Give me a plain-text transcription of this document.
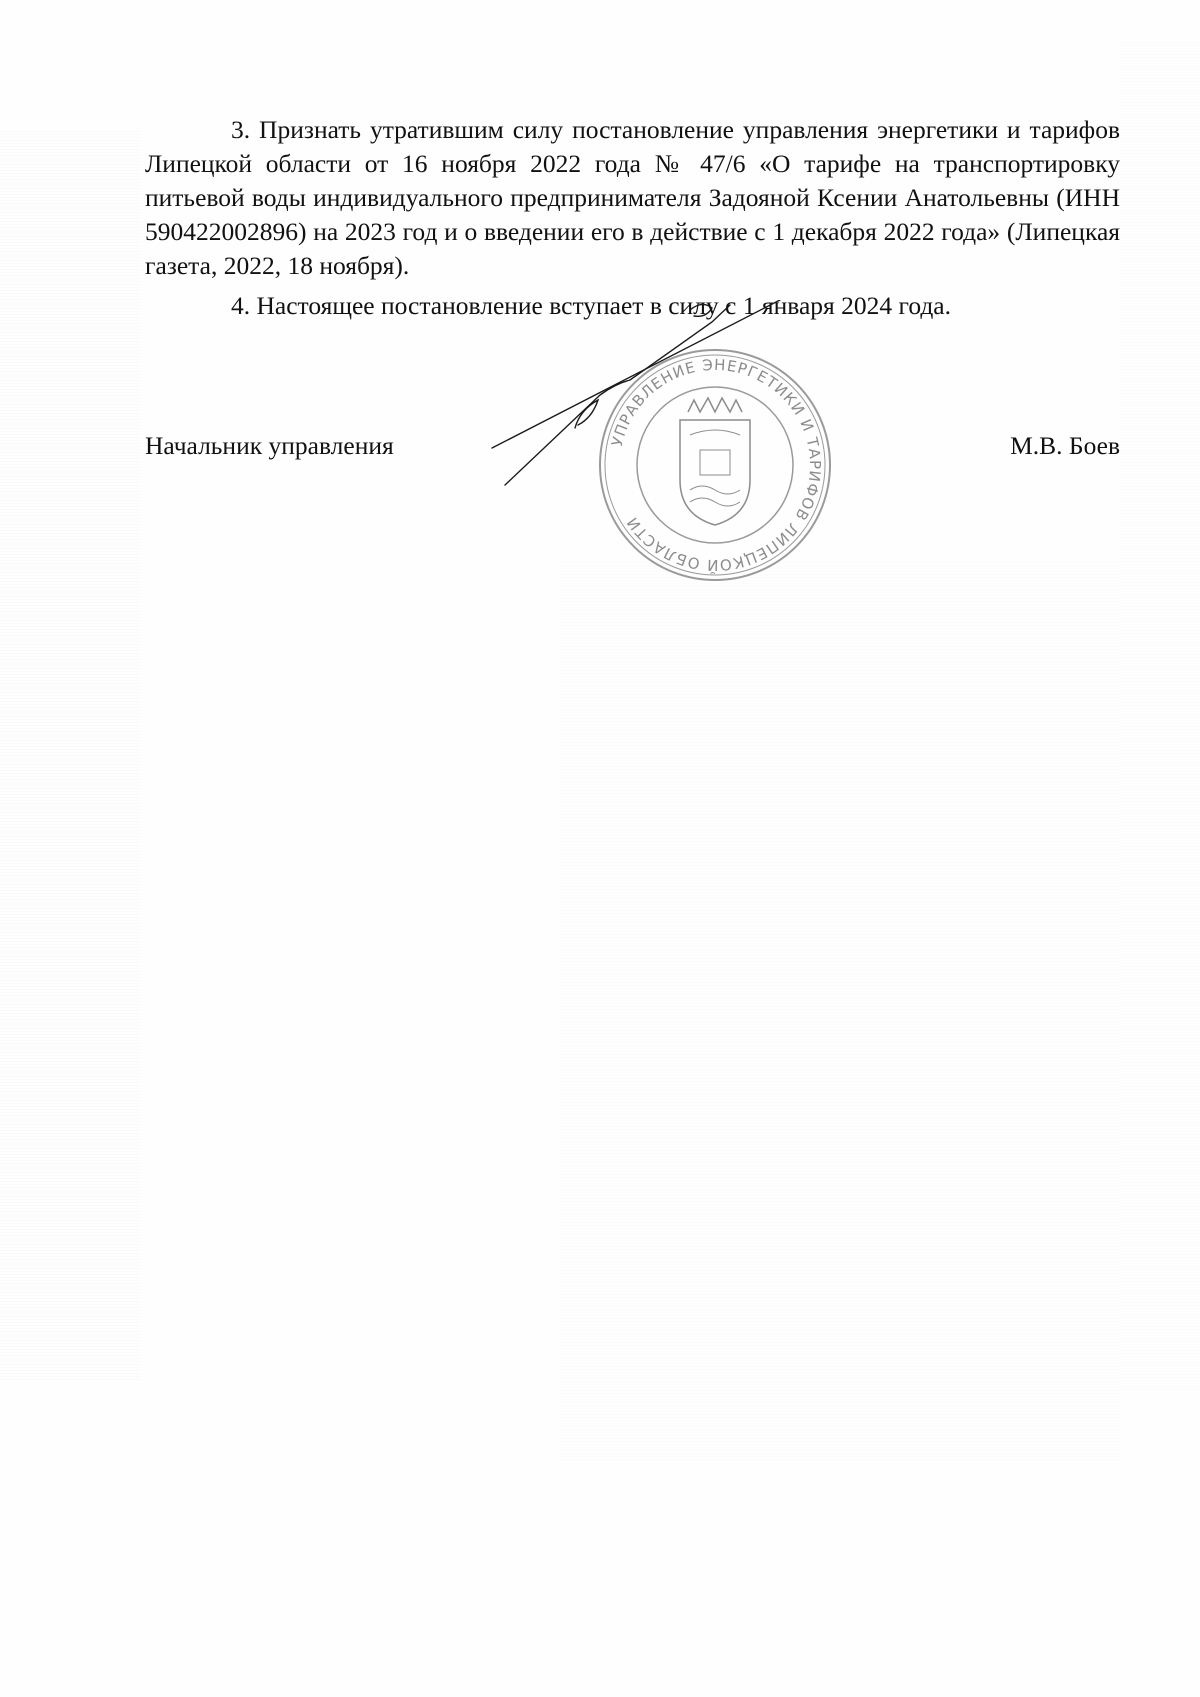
3. Признать утратившим силу постановление управления энергетики и тарифов Липецкой области от 16 ноября 2022 года № 47/6 «О тарифе на транспортировку питьевой воды индивидуального предпринимателя Задояной Ксении Анатольевны (ИНН 590422002896) на 2023 год и о введении его в действие с 1 декабря 2022 года» (Липецкая газета, 2022, 18 ноября).
4. Настоящее постановление вступает в силу с 1 января 2024 года.
УПРАВЛЕНИЕ ЭНЕРГЕТИКИ И ТАРИФОВ ЛИПЕЦКОЙ ОБЛАСТИ
Начальник управления	М.В. Боев
